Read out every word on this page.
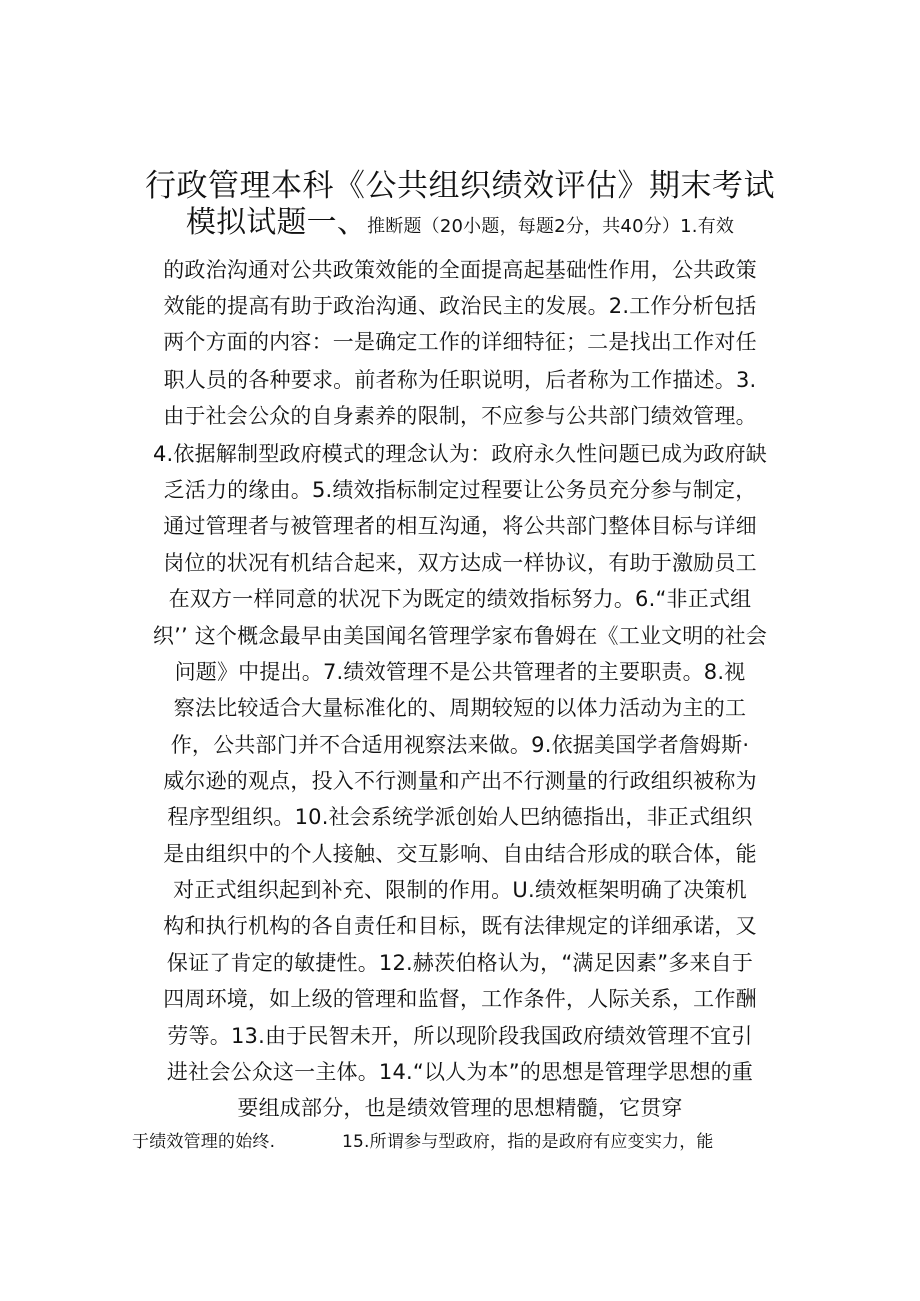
行政管理本科《公共组织绩效评估》期末考试

模拟试题一、推断题（20小题，每题2分，共40分）1.有效

的政治沟通对公共政策效能的全面提高起基础性作用，公共政策

效能的提高有助于政治沟通、政治民主的发展。2.工作分析包括

两个方面的内容：一是确定工作的详细特征；二是找出工作对任

职人员的各种要求。前者称为任职说明，后者称为工作描述。3.

由于社会公众的自身素养的限制，不应参与公共部门绩效管理。

4.依据解制型政府模式的理念认为：政府永久性问题已成为政府缺

乏活力的缘由。5.绩效指标制定过程要让公务员充分参与制定，

通过管理者与被管理者的相互沟通，将公共部门整体目标与详细

岗位的状况有机结合起来，双方达成一样协议，有助于激励员工

在双方一样同意的状况下为既定的绩效指标努力。6.“非正式组

织’’ 这个概念最早由美国闻名管理学家布鲁姆在《工业文明的社会

问题》中提出。7.绩效管理不是公共管理者的主要职责。8.视

察法比较适合大量标准化的、周期较短的以体力活动为主的工

作，公共部门并不合适用视察法来做。9.依据美国学者詹姆斯·

威尔逊的观点，投入不行测量和产出不行测量的行政组织被称为

程序型组织。10.社会系统学派创始人巴纳德指出，非正式组织

是由组织中的个人接触、交互影响、自由结合形成的联合体，能

对正式组织起到补充、限制的作用。U.绩效框架明确了决策机

构和执行机构的各自责任和目标，既有法律规定的详细承诺，又

保证了肯定的敏捷性。12.赫茨伯格认为，“满足因素”多来自于

四周环境，如上级的管理和监督，工作条件，人际关系，工作酬

劳等。13.由于民智未开，所以现阶段我国政府绩效管理不宜引

进社会公众这一主体。14.“以人为本”的思想是管理学思想的重

要组成部分，也是绩效管理的思想精髓，它贯穿

于绩效管理的始终.	15.所谓参与型政府，指的是政府有应变实力，能
